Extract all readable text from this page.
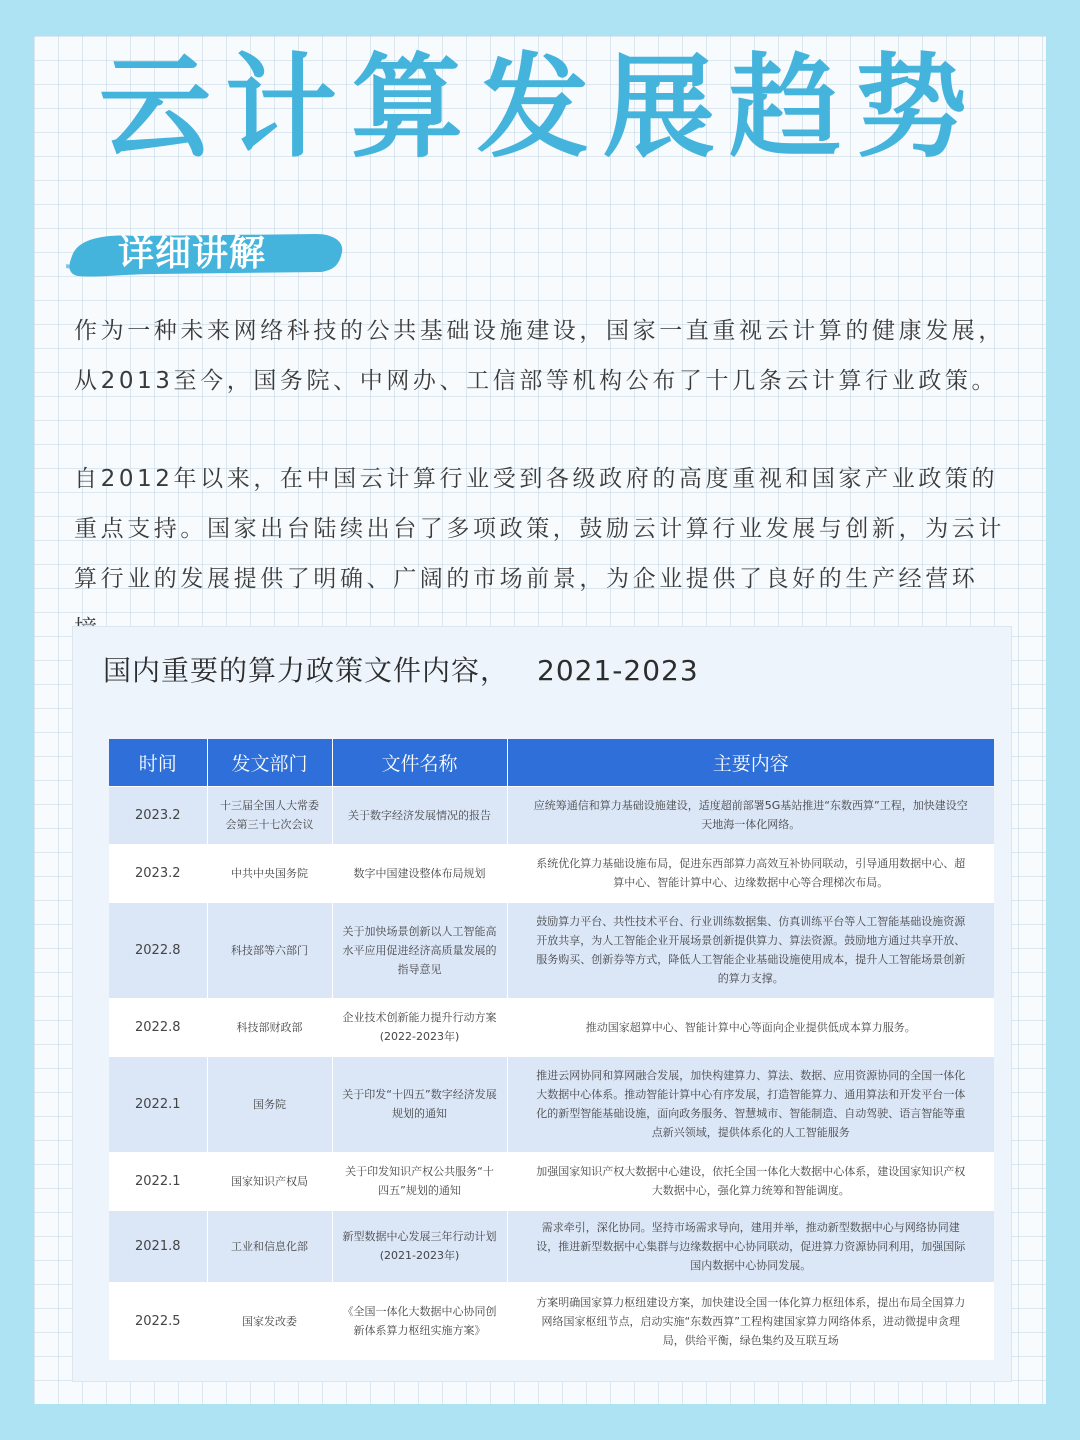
云计算发展趋势
详细讲解
作为一种未来网络科技的公共基础设施建设，国家一直重视云计算的健康发展，从2013至今，国务院、中网办、工信部等机构公布了十几条云计算行业政策。
自2012年以来，在中国云计算行业受到各级政府的高度重视和国家产业政策的重点支持。国家出台陆续出台了多项政策，鼓励云计算行业发展与创新，为云计算行业的发展提供了明确、广阔的市场前景，为企业提供了良好的生产经营环
国内重要的算力政策文件内容， 2021-2023
时间	发文部门	文件名称	主要内容
2023.2	十三届全国人大常委会第三十七次会议	关于数字经济发展情况的报告	应统筹通信和算力基础设施建设，适度超前部署5G基站推进“东数西算”工程，加快建设空天地海一体化网络。
2023.2	中共中央国务院	数字中国建设整体布局规划	系统优化算力基础设施布局，促进东西部算力高效互补协同联动，引导通用数据中心、超算中心、智能计算中心、边缘数据中心等合理梯次布局。
2022.8	科技部等六部门	关于加快场景创新以人工智能高水平应用促进经济高质量发展的指导意见	鼓励算力平台、共性技术平台、行业训练数据集、仿真训练平台等人工智能基础设施资源开放共享，为人工智能企业开展场景创新提供算力、算法资源。鼓励地方通过共享开放、服务购买、创新券等方式，降低人工智能企业基础设施使用成本，提升人工智能场景创新的算力支撑。
2022.8	科技部财政部	企业技术创新能力提升行动方案(2022-2023年)	推动国家超算中心、智能计算中心等面向企业提供低成本算力服务。
2022.1	国务院	关于印发“十四五”数字经济发展规划的通知	推进云网协同和算网融合发展，加快构建算力、算法、数据、应用资源协同的全国一体化大数据中心体系。推动智能计算中心有序发展，打造智能算力、通用算法和开发平台一体化的新型智能基础设施，面向政务服务、智慧城市、智能制造、自动驾驶、语言智能等重点新兴领域，提供体系化的人工智能服务
2022.1	国家知识产权局	关于印发知识产权公共服务“十四五”规划的通知	加强国家知识产权大数据中心建设，依托全国一体化大数据中心体系，建设国家知识产权大数据中心，强化算力统筹和智能调度。
2021.8	工业和信息化部	新型数据中心发展三年行动计划(2021-2023年)	需求牵引，深化协同。坚持市场需求导向，建用并举，推动新型数据中心与网络协同建设，推进新型数据中心集群与边缘数据中心协同联动，促进算力资源协同利用，加强国际国内数据中心协同发展。
2022.5	国家发改委	《全国一体化大数据中心协同创新体系算力枢纽实施方案》	方案明确国家算力枢纽建设方案，加快建设全国一体化算力枢纽体系，提出布局全国算力网络国家枢纽节点，启动实施“东数西算”工程构建国家算力网络体系，进动微提申贪理局，供给平衡，绿色集约及互联互场
